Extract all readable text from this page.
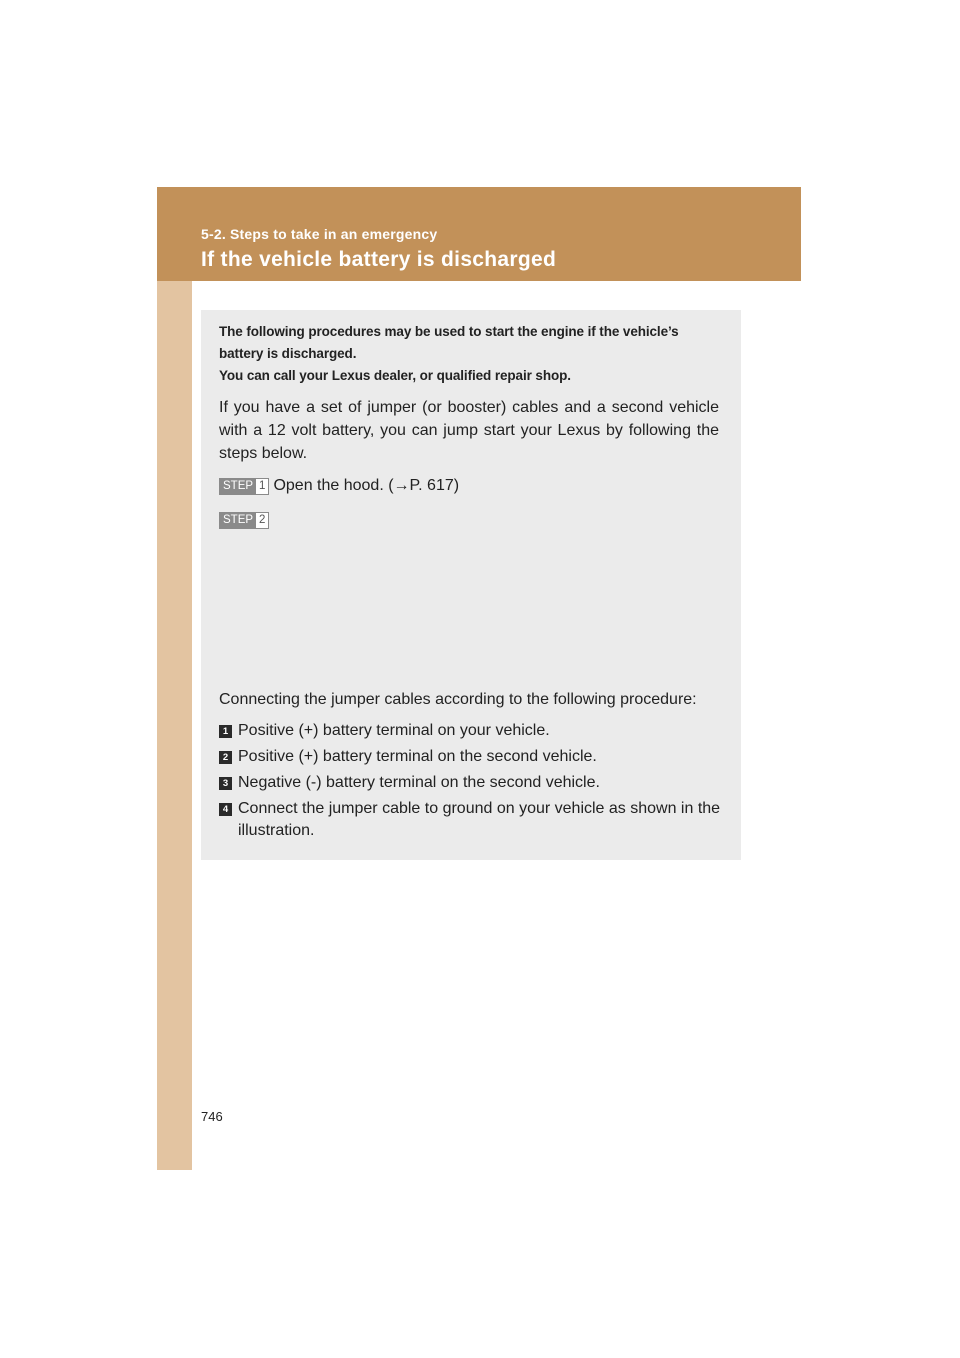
5-2. Steps to take in an emergency
If the vehicle battery is discharged
The following procedures may be used to start the engine if the vehicle’s battery is discharged.
You can call your Lexus dealer, or qualified repair shop.
If you have a set of jumper (or booster) cables and a second vehicle with a 12 volt battery, you can jump start your Lexus by following the steps below.
STEP 1 Open the hood. (→P. 617)
STEP 2
Connecting the jumper cables according to the following procedure:
1 Positive (+) battery terminal on your vehicle.
2 Positive (+) battery terminal on the second vehicle.
3 Negative (-) battery terminal on the second vehicle.
4 Connect the jumper cable to ground on your vehicle as shown in the illustration.
746
